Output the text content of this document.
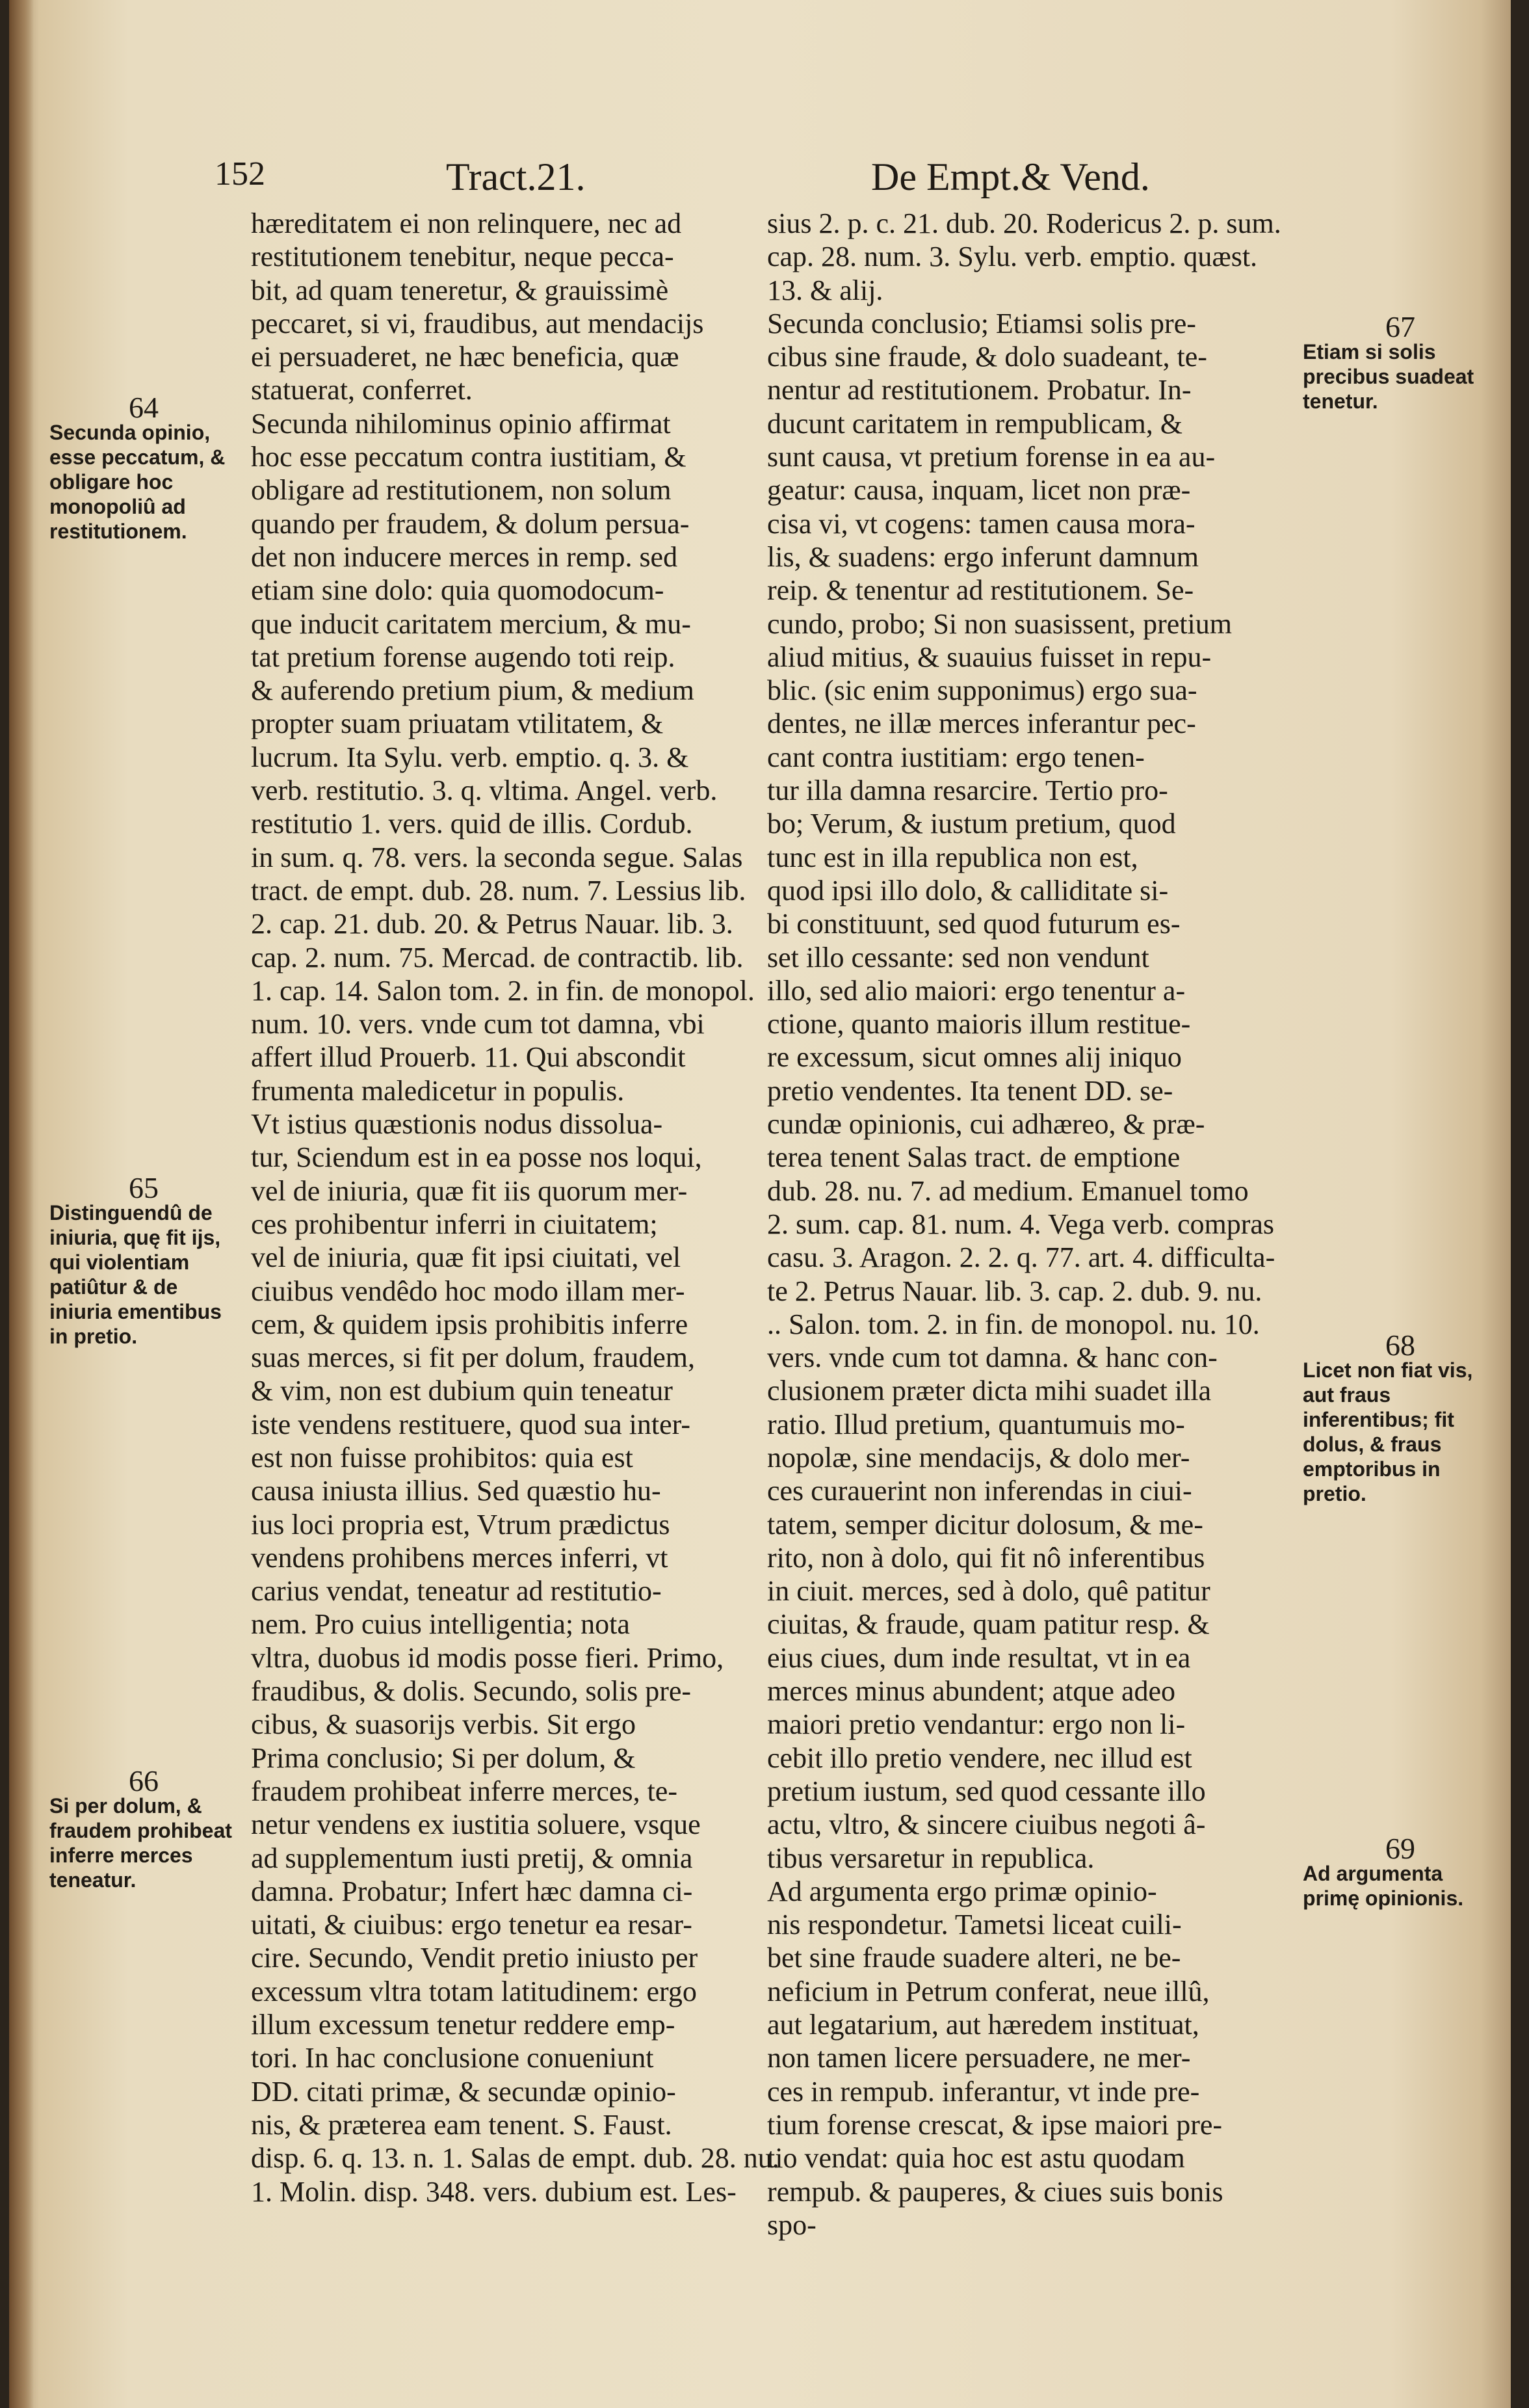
152	Tract.21.	De Empt.& Vend.

hæreditatem ei non relinquere, nec ad

restitutionem tenebitur, neque pecca-

bit, ad quam teneretur, & grauissimè

peccaret, si vi, fraudibus, aut mendacijs

ei persuaderet, ne hæc beneficia, quæ

statuerat, conferret.

Secunda nihilominus opinio affirmat

hoc esse peccatum contra iustitiam, &

obligare ad restitutionem, non solum

quando per fraudem, & dolum persua-

det non inducere merces in remp. sed

etiam sine dolo: quia quomodocum-

que inducit caritatem mercium, & mu-

tat pretium forense augendo toti reip.

& auferendo pretium pium, & medium

propter suam priuatam vtilitatem, &

lucrum. Ita Sylu. verb. emptio. q. 3. &

verb. restitutio. 3. q. vltima. Angel. verb.

restitutio 1. vers. quid de illis. Cordub.

in sum. q. 78. vers. la seconda segue. Salas

tract. de empt. dub. 28. num. 7. Lessius lib.

2. cap. 21. dub. 20. & Petrus Nauar. lib. 3.

cap. 2. num. 75. Mercad. de contractib. lib.

1. cap. 14. Salon tom. 2. in fin. de monopol.

num. 10. vers. vnde cum tot damna, vbi

affert illud Prouerb. 11. Qui abscondit

frumenta maledicetur in populis.

Vt istius quæstionis nodus dissolua-

tur, Sciendum est in ea posse nos loqui,

vel de iniuria, quæ fit iis quorum mer-

ces prohibentur inferri in ciuitatem;

vel de iniuria, quæ fit ipsi ciuitati, vel

ciuibus vendêdo hoc modo illam mer-

cem, & quidem ipsis prohibitis inferre

suas merces, si fit per dolum, fraudem,

& vim, non est dubium quin teneatur

iste vendens restituere, quod sua inter-

est non fuisse prohibitos: quia est

causa iniusta illius. Sed quæstio hu-

ius loci propria est, Vtrum prædictus

vendens prohibens merces inferri, vt

carius vendat, teneatur ad restitutio-

nem. Pro cuius intelligentia; nota

vltra, duobus id modis posse fieri. Primo,

fraudibus, & dolis. Secundo, solis pre-

cibus, & suasorijs verbis. Sit ergo

Prima conclusio; Si per dolum, &

fraudem prohibeat inferre merces, te-

netur vendens ex iustitia soluere, vsque

ad supplementum iusti pretij, & omnia

damna. Probatur; Infert hæc damna ci-

uitati, & ciuibus: ergo tenetur ea resar-

cire. Secundo, Vendit pretio iniusto per

excessum vltra totam latitudinem: ergo

illum excessum tenetur reddere emp-

tori. In hac conclusione conueniunt

DD. citati primæ, & secundæ opinio-

nis, & præterea eam tenent. S. Faust.

disp. 6. q. 13. n. 1. Salas de empt. dub. 28. nu.

1. Molin. disp. 348. vers. dubium est. Les-

sius 2. p. c. 21. dub. 20. Rodericus 2. p. sum.

cap. 28. num. 3. Sylu. verb. emptio. quæst.

13. & alij.

Secunda conclusio; Etiamsi solis pre-

cibus sine fraude, & dolo suadeant, te-

nentur ad restitutionem. Probatur. In-

ducunt caritatem in rempublicam, &

sunt causa, vt pretium forense in ea au-

geatur: causa, inquam, licet non præ-

cisa vi, vt cogens: tamen causa mora-

lis, & suadens: ergo inferunt damnum

reip. & tenentur ad restitutionem. Se-

cundo, probo; Si non suasissent, pretium

aliud mitius, & suauius fuisset in repu-

blic. (sic enim supponimus) ergo sua-

dentes, ne illæ merces inferantur pec-

cant contra iustitiam: ergo tenen-

tur illa damna resarcire. Tertio pro-

bo; Verum, & iustum pretium, quod

tunc est in illa republica non est,

quod ipsi illo dolo, & calliditate si-

bi constituunt, sed quod futurum es-

set illo cessante: sed non vendunt

illo, sed alio maiori: ergo tenentur a-

ctione, quanto maioris illum restitue-

re excessum, sicut omnes alij iniquo

pretio vendentes. Ita tenent DD. se-

cundæ opinionis, cui adhæreo, & præ-

terea tenent Salas tract. de emptione

dub. 28. nu. 7. ad medium. Emanuel tomo

2. sum. cap. 81. num. 4. Vega verb. compras

casu. 3. Aragon. 2. 2. q. 77. art. 4. difficulta-

te 2. Petrus Nauar. lib. 3. cap. 2. dub. 9. nu.

.. Salon. tom. 2. in fin. de monopol. nu. 10.

vers. vnde cum tot damna. & hanc con-

clusionem præter dicta mihi suadet illa

ratio. Illud pretium, quantumuis mo-

nopolæ, sine mendacijs, & dolo mer-

ces curauerint non inferendas in ciui-

tatem, semper dicitur dolosum, & me-

rito, non à dolo, qui fit nô inferentibus

in ciuit. merces, sed à dolo, quê patitur

ciuitas, & fraude, quam patitur resp. &

eius ciues, dum inde resultat, vt in ea

merces minus abundent; atque adeo

maiori pretio vendantur: ergo non li-

cebit illo pretio vendere, nec illud est

pretium iustum, sed quod cessante illo

actu, vltro, & sincere ciuibus negoti â-

tibus versaretur in republica.

Ad argumenta ergo primæ opinio-

nis respondetur. Tametsi liceat cuili-

bet sine fraude suadere alteri, ne be-

neficium in Petrum conferat, neue illû,

aut legatarium, aut hæredem instituat,

non tamen licere persuadere, ne mer-

ces in rempub. inferantur, vt inde pre-

tium forense crescat, & ipse maiori pre-

tio vendat: quia hoc est astu quodam

rempub. & pauperes, & ciues suis bonis

spo-

64

Secunda opinio, esse peccatum, & obligare hoc monopoliû ad restitutionem.

65

Distinguendû de iniuria, quę fit ijs, qui violentiam patiûtur & de iniuria ementibus in pretio.

66

Si per dolum, & fraudem prohibeat inferre merces teneatur.

67

Etiam si solis precibus suadeat tenetur.

68

Licet non fiat vis, aut fraus inferentibus; fit dolus, & fraus emptoribus in pretio.

69

Ad argumenta primę opinionis.
